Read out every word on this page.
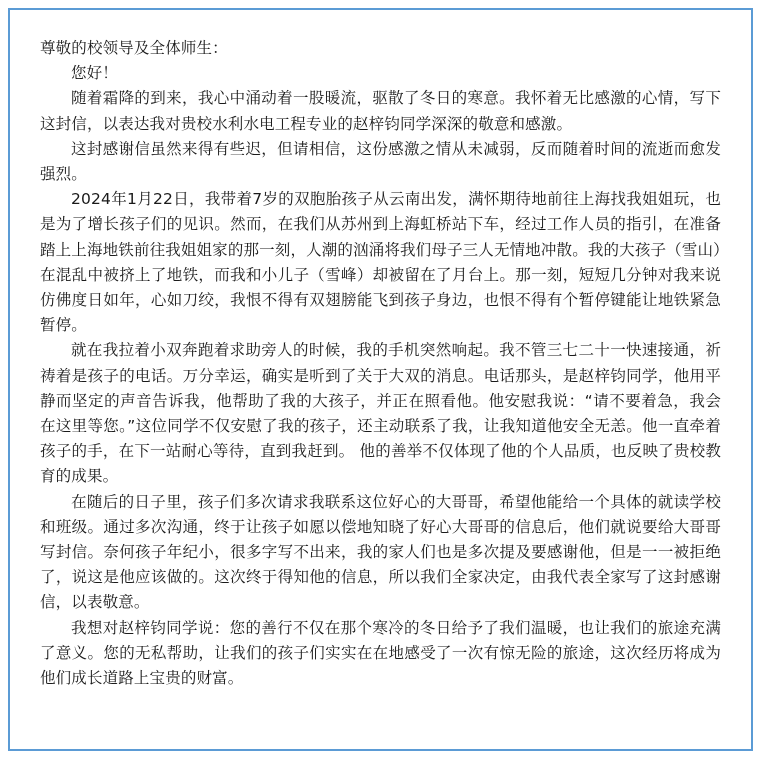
尊敬的校领导及全体师生：

您好！

随着霜降的到来，我心中涌动着一股暖流，驱散了冬日的寒意。我怀着无比感激的心情，写下这封信，以表达我对贵校水利水电工程专业的赵梓钧同学深深的敬意和感激。

这封感谢信虽然来得有些迟，但请相信，这份感激之情从未减弱，反而随着时间的流逝而愈发强烈。

2024年1月22日，我带着7岁的双胞胎孩子从云南出发，满怀期待地前往上海找我姐姐玩，也是为了增长孩子们的见识。然而，在我们从苏州到上海虹桥站下车，经过工作人员的指引，在准备踏上上海地铁前往我姐姐家的那一刻，人潮的汹涌将我们母子三人无情地冲散。我的大孩子（雪山）在混乱中被挤上了地铁，而我和小儿子（雪峰）却被留在了月台上。那一刻，短短几分钟对我来说仿佛度日如年，心如刀绞，我恨不得有双翅膀能飞到孩子身边，也恨不得有个暂停键能让地铁紧急暂停。

就在我拉着小双奔跑着求助旁人的时候，我的手机突然响起。我不管三七二十一快速接通，祈祷着是孩子的电话。万分幸运，确实是听到了关于大双的消息。电话那头，是赵梓钧同学，他用平静而坚定的声音告诉我，他帮助了我的大孩子，并正在照看他。他安慰我说：“请不要着急，我会在这里等您。”这位同学不仅安慰了我的孩子，还主动联系了我，让我知道他安全无恙。他一直牵着孩子的手，在下一站耐心等待，直到我赶到。 他的善举不仅体现了他的个人品质，也反映了贵校教育的成果。

在随后的日子里，孩子们多次请求我联系这位好心的大哥哥，希望他能给一个具体的就读学校和班级。通过多次沟通，终于让孩子如愿以偿地知晓了好心大哥哥的信息后，他们就说要给大哥哥写封信。奈何孩子年纪小，很多字写不出来，我的家人们也是多次提及要感谢他，但是一一被拒绝了，说这是他应该做的。这次终于得知他的信息，所以我们全家决定，由我代表全家写了这封感谢信，以表敬意。

我想对赵梓钧同学说：您的善行不仅在那个寒冷的冬日给予了我们温暖，也让我们的旅途充满了意义。您的无私帮助，让我们的孩子们实实在在地感受了一次有惊无险的旅途，这次经历将成为他们成长道路上宝贵的财富。
